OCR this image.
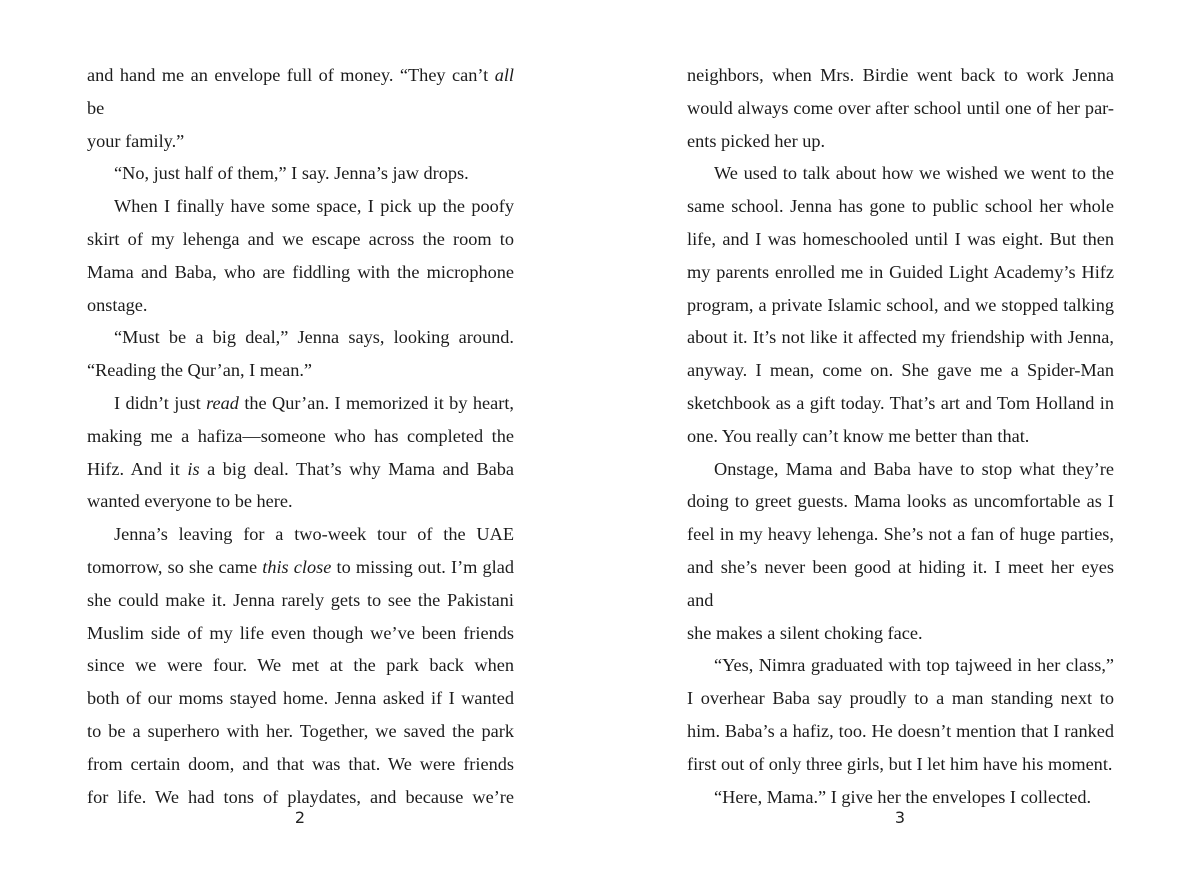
and hand me an envelope full of money. “They can’t all be
your family.”

“No, just half of them,” I say. Jenna’s jaw drops.

When I finally have some space, I pick up the poofy
skirt of my lehenga and we escape across the room to
Mama and Baba, who are fiddling with the microphone
onstage.

“Must be a big deal,” Jenna says, looking around.
“Reading the Qur’an, I mean.”

I didn’t just read the Qur’an. I memorized it by heart,
making me a hafiza—someone who has completed the
Hifz. And it is a big deal. That’s why Mama and Baba
wanted everyone to be here.

Jenna’s leaving for a two-week tour of the UAE
tomorrow, so she came this close to missing out. I’m glad
she could make it. Jenna rarely gets to see the Pakistani
Muslim side of my life even though we’ve been friends
since we were four. We met at the park back when
both of our moms stayed home. Jenna asked if I wanted
to be a superhero with her. Together, we saved the park
from certain doom, and that was that. We were friends
for life. We had tons of playdates, and because we’re

neighbors, when Mrs. Birdie went back to work Jenna
would always come over after school until one of her par-
ents picked her up.

We used to talk about how we wished we went to the
same school. Jenna has gone to public school her whole
life, and I was homeschooled until I was eight. But then
my parents enrolled me in Guided Light Academy’s Hifz
program, a private Islamic school, and we stopped talking
about it. It’s not like it affected my friendship with Jenna,
anyway. I mean, come on. She gave me a Spider-Man
sketchbook as a gift today. That’s art and Tom Holland in
one. You really can’t know me better than that.

Onstage, Mama and Baba have to stop what they’re
doing to greet guests. Mama looks as uncomfortable as I
feel in my heavy lehenga. She’s not a fan of huge parties,
and she’s never been good at hiding it. I meet her eyes and
she makes a silent choking face.

“Yes, Nimra graduated with top tajweed in her class,”
I overhear Baba say proudly to a man standing next to
him. Baba’s a hafiz, too. He doesn’t mention that I ranked
first out of only three girls, but I let him have his moment.

“Here, Mama.” I give her the envelopes I collected.

2	3
